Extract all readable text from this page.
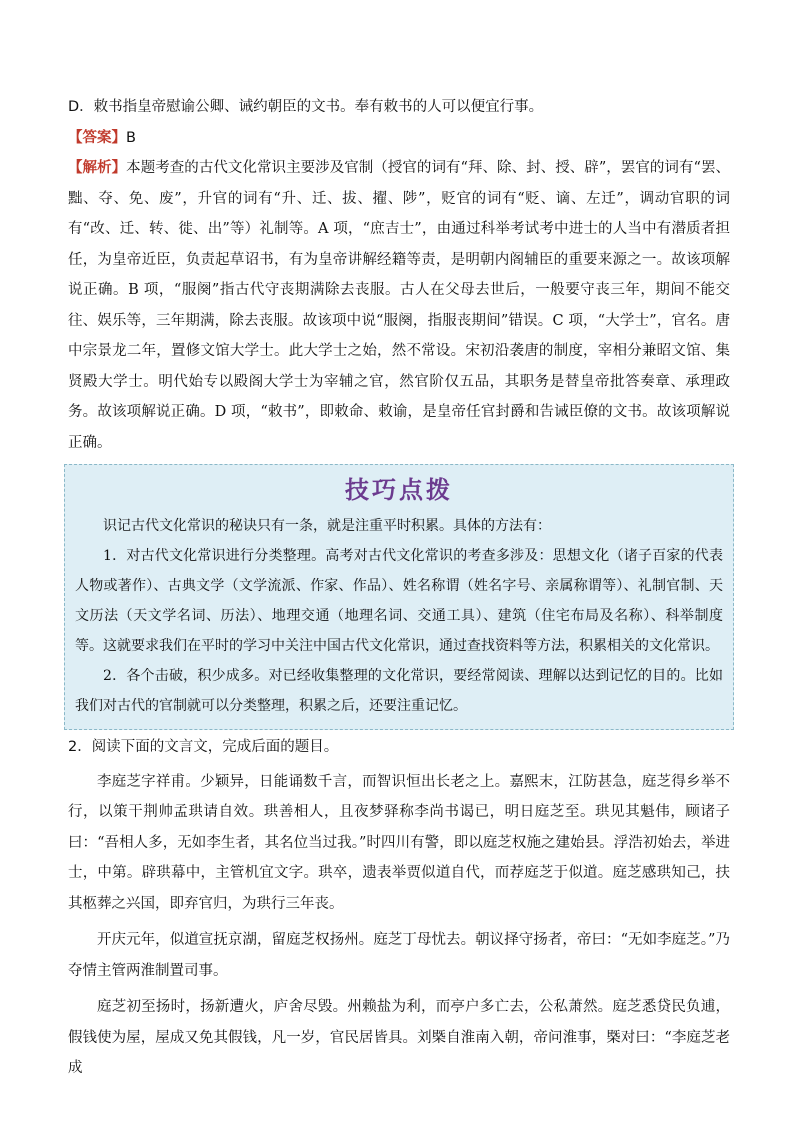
D．敕书指皇帝慰谕公卿、诫约朝臣的文书。奉有敕书的人可以便宜行事。
【答案】B
【解析】本题考查的古代文化常识主要涉及官制（授官的词有“拜、除、封、授、辟”，罢官的词有“罢、黜、夺、免、废”，升官的词有“升、迁、拔、擢、陟”，贬官的词有“贬、谪、左迁”，调动官职的词有“改、迁、转、徙、出”等）礼制等。A 项，“庶吉士”，由通过科举考试考中进士的人当中有潜质者担任，为皇帝近臣，负责起草诏书，有为皇帝讲解经籍等责，是明朝内阁辅臣的重要来源之一。故该项解说正确。B 项，“服阕”指古代守丧期满除去丧服。古人在父母去世后，一般要守丧三年，期间不能交往、娱乐等，三年期满，除去丧服。故该项中说“服阕，指服丧期间”错误。C 项，“大学士”，官名。唐中宗景龙二年，置修文馆大学士。此大学士之始，然不常设。宋初沿袭唐的制度，宰相分兼昭文馆、集贤殿大学士。明代始专以殿阁大学士为宰辅之官，然官阶仅五品，其职务是替皇帝批答奏章、承理政务。故该项解说正确。D 项，“敕书”，即敕命、敕谕，是皇帝任官封爵和告诫臣僚的文书。故该项解说正确。
技巧点拨
识记古代文化常识的秘诀只有一条，就是注重平时积累。具体的方法有：
1．对古代文化常识进行分类整理。高考对古代文化常识的考查多涉及：思想文化（诸子百家的代表人物或著作）、古典文学（文学流派、作家、作品）、姓名称谓（姓名字号、亲属称谓等）、礼制官制、天文历法（天文学名词、历法）、地理交通（地理名词、交通工具）、建筑（住宅布局及名称）、科举制度等。这就要求我们在平时的学习中关注中国古代文化常识，通过查找资料等方法，积累相关的文化常识。
2．各个击破，积少成多。对已经收集整理的文化常识，要经常阅读、理解以达到记忆的目的。比如我们对古代的官制就可以分类整理，积累之后，还要注重记忆。
2．阅读下面的文言文，完成后面的题目。

李庭芝字祥甫。少颖异，日能诵数千言，而智识恒出长老之上。嘉熙末，江防甚急，庭芝得乡举不行，以策干荆帅孟珙请自效。珙善相人，且夜梦驿称李尚书谒已，明日庭芝至。珙见其魁伟，顾诸子曰：“吾相人多，无如李生者，其名位当过我。”时四川有警，即以庭芝权施之建始县。浮浩初始去，举进士，中第。辟珙幕中，主管机宜文字。珙卒，遗表举贾似道自代，而荐庭芝于似道。庭芝感珙知己，扶其柩葬之兴国，即弃官归，为珙行三年丧。

开庆元年，似道宣抚京湖，留庭芝权扬州。庭芝丁母忧去。朝议择守扬者，帝曰：“无如李庭芝。”乃夺情主管两淮制置司事。

庭芝初至扬时，扬新遭火，庐舍尽毁。州赖盐为利，而亭户多亡去，公私萧然。庭芝悉贷民负逋，假钱使为屋，屋成又免其假钱，凡一岁，官民居皆具。刘槩自淮南入朝，帝问淮事，槩对曰：“李庭芝老成
